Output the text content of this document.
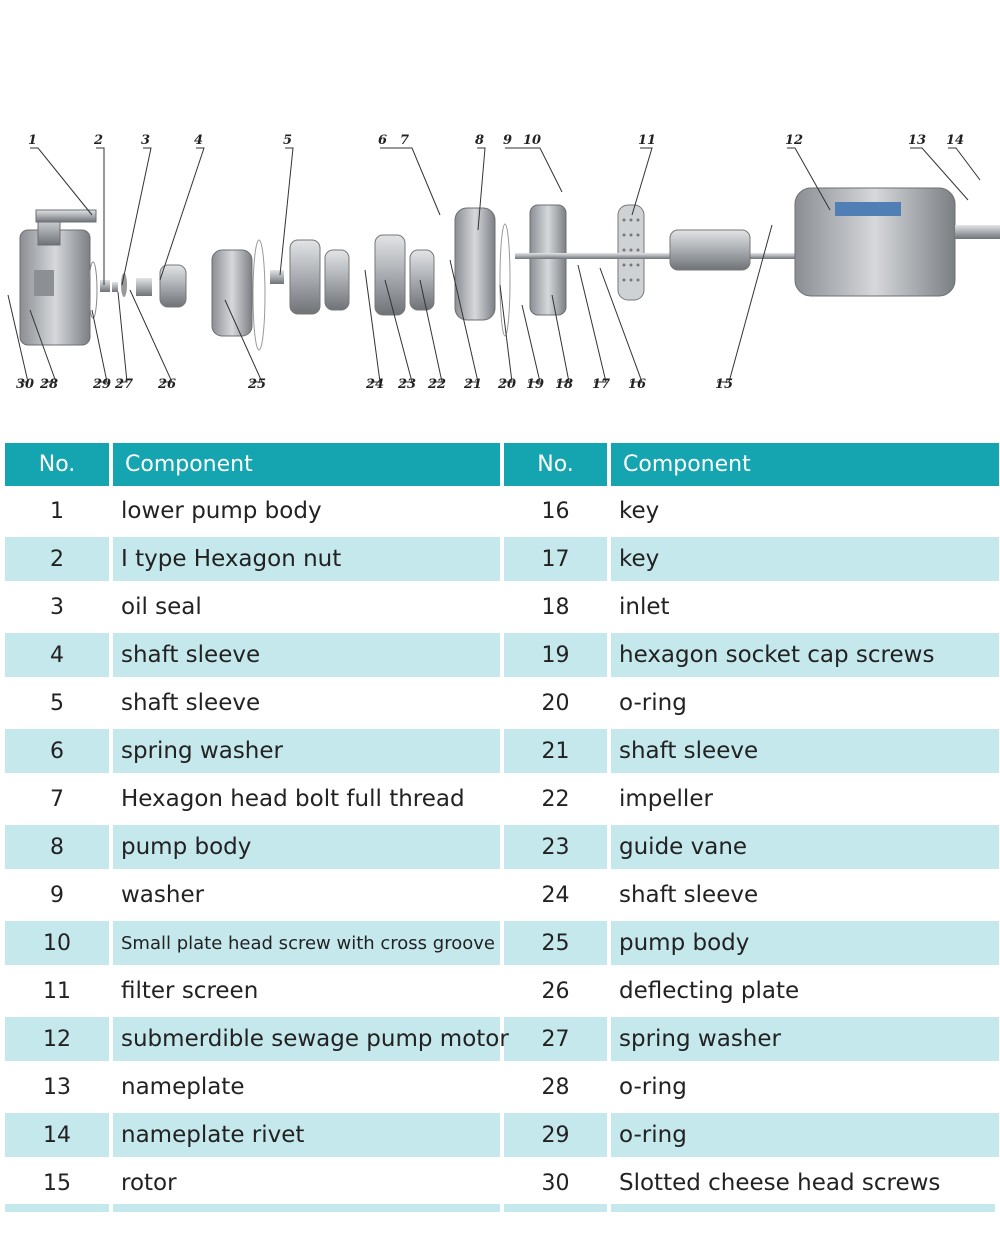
1	2	3	4	5	6 7	8 9 10	11	12	13 14
30 28	29 27 26	25	24 23 22 21 20 19 18 17 16	15
No.	Component	No.	Component
1	lower pump body	16	key
2	I type Hexagon nut	17	key
3	oil seal	18	inlet
4	shaft sleeve	19	hexagon socket cap screws
5	shaft sleeve	20	o-ring
6	spring washer	21	shaft sleeve
7	Hexagon head bolt full thread	22	impeller
8	pump body	23	guide vane
9	washer	24	shaft sleeve
10	Small plate head screw with cross groove	25	pump body
11	filter screen	26	deflecting plate
12	submerdible sewage pump motor	27	spring washer
13	nameplate	28	o-ring
14	nameplate rivet	29	o-ring
15	rotor	30	Slotted cheese head screws
